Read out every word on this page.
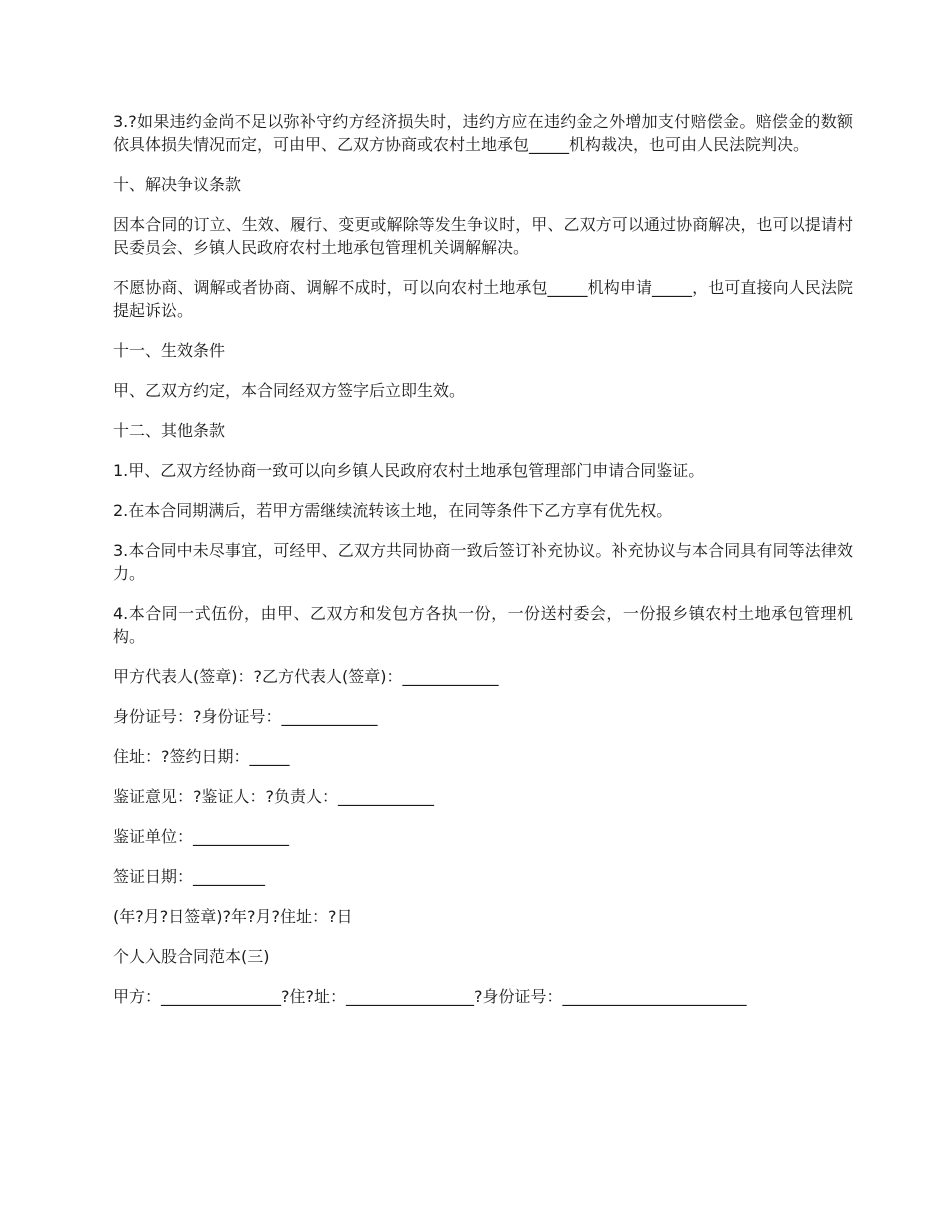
3.?如果违约金尚不足以弥补守约方经济损失时，违约方应在违约金之外增加支付赔偿金。赔偿金的数额依具体损失情况而定，可由甲、乙双方协商或农村土地承包_____机构裁决，也可由人民法院判决。

十、解决争议条款

因本合同的订立、生效、履行、变更或解除等发生争议时，甲、乙双方可以通过协商解决，也可以提请村民委员会、乡镇人民政府农村土地承包管理机关调解解决。

不愿协商、调解或者协商、调解不成时，可以向农村土地承包_____机构申请_____，也可直接向人民法院提起诉讼。

十一、生效条件

甲、乙双方约定，本合同经双方签字后立即生效。

十二、其他条款

1.甲、乙双方经协商一致可以向乡镇人民政府农村土地承包管理部门申请合同鉴证。

2.在本合同期满后，若甲方需继续流转该土地，在同等条件下乙方享有优先权。

3.本合同中未尽事宜，可经甲、乙双方共同协商一致后签订补充协议。补充协议与本合同具有同等法律效力。

4.本合同一式伍份，由甲、乙双方和发包方各执一份，一份送村委会，一份报乡镇农村土地承包管理机构。

甲方代表人(签章)：?乙方代表人(签章)：____________

身份证号：?身份证号：____________

住址：?签约日期：_____

鉴证意见：?鉴证人：?负责人：____________

鉴证单位：____________

签证日期：_________

(年?月?日签章)?年?月?住址：?日

个人入股合同范本(三)

甲方：_______________?住?址：________________?身份证号：_______________________
